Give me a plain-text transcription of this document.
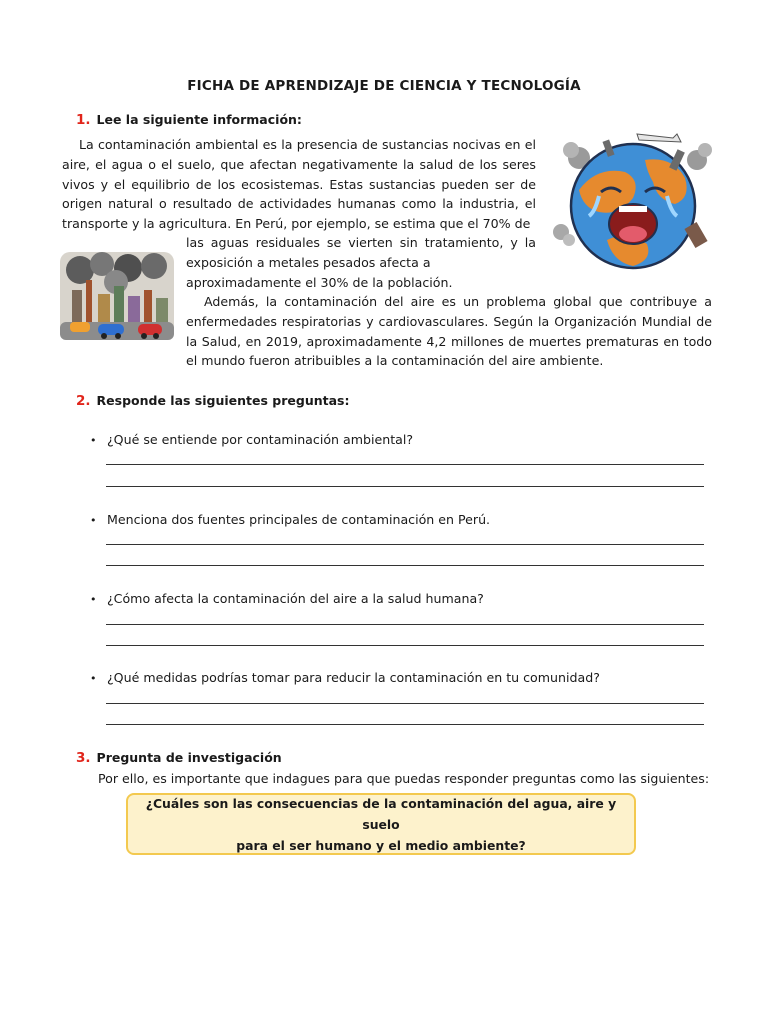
FICHA DE APRENDIZAJE DE CIENCIA Y TECNOLOGÍA
1. Lee la siguiente información:
La contaminación ambiental es la presencia de sustancias nocivas en el aire, el agua o el suelo, que afectan negativamente la salud de los seres vivos y el equilibrio de los ecosistemas. Estas sustancias pueden ser de origen natural o resultado de actividades humanas como la industria, el transporte y la agricultura. En Perú, por ejemplo, se estima que el 70% de
las aguas residuales se vierten sin tratamiento, y la exposición a metales pesados afecta a
aproximadamente el 30% de la población.
Además, la contaminación del aire es un problema global que contribuye a enfermedades respiratorias y cardiovasculares. Según la Organización Mundial de la Salud, en 2019, aproximadamente 4,2 millones de muertes prematuras en todo el mundo fueron atribuibles a la contaminación del aire ambiente.
2. Responde las siguientes preguntas:
• ¿Qué se entiende por contaminación ambiental?
• Menciona dos fuentes principales de contaminación en Perú.
• ¿Cómo afecta la contaminación del aire a la salud humana?
• ¿Qué medidas podrías tomar para reducir la contaminación en tu comunidad?
3. Pregunta de investigación
Por ello, es importante que indagues para que puedas responder preguntas como las siguientes:
¿Cuáles son las consecuencias de la contaminación del agua, aire y suelo
para el ser humano y el medio ambiente?
